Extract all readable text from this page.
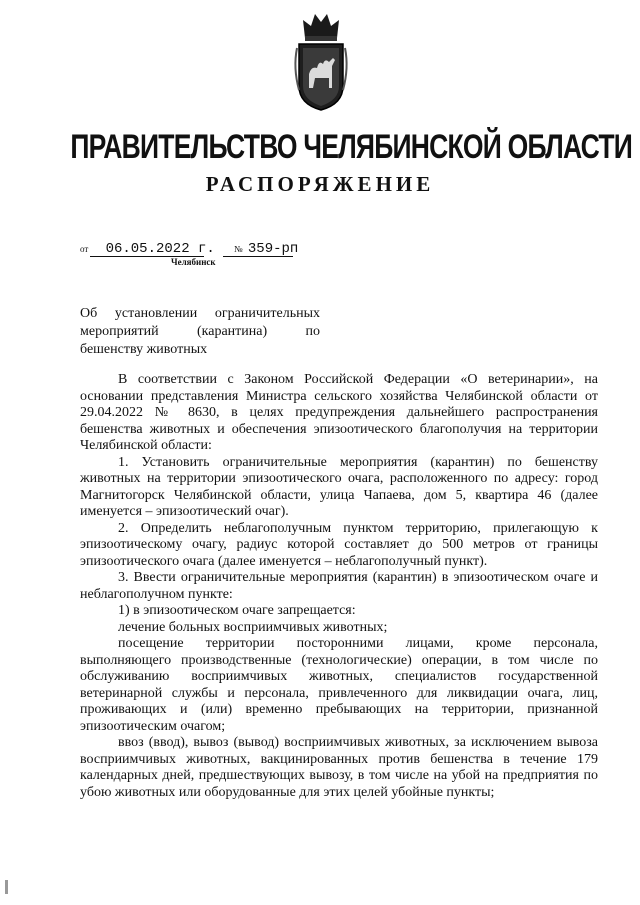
ПРАВИТЕЛЬСТВО ЧЕЛЯБИНСКОЙ ОБЛАСТИ
РАСПОРЯЖЕНИЕ
от 06.05.2022 г. № 359-рп
Челябинск
Об установлении ограничительных
мероприятий (карантина) по
бешенству животных

В соответствии с Законом Российской Федерации «О ветеринарии», на основании представления Министра сельского хозяйства Челябинской области от 29.04.2022 № 8630, в целях предупреждения дальнейшего распространения бешенства животных и обеспечения эпизоотического благополучия на территории Челябинской области:

1. Установить ограничительные мероприятия (карантин) по бешенству животных на территории эпизоотического очага, расположенного по адресу: город Магнитогорск Челябинской области, улица Чапаева, дом 5, квартира 46 (далее именуется – эпизоотический очаг).

2. Определить неблагополучным пунктом территорию, прилегающую к эпизоотическому очагу, радиус которой составляет до 500 метров от границы эпизоотического очага (далее именуется – неблагополучный пункт).

3. Ввести ограничительные мероприятия (карантин) в эпизоотическом очаге и неблагополучном пункте:

1) в эпизоотическом очаге запрещается:

лечение больных восприимчивых животных;

посещение территории посторонними лицами, кроме персонала, выполняющего производственные (технологические) операции, в том числе по обслуживанию восприимчивых животных, специалистов государственной ветеринарной службы и персонала, привлеченного для ликвидации очага, лиц, проживающих и (или) временно пребывающих на территории, признанной эпизоотическим очагом;

ввоз (ввод), вывоз (вывод) восприимчивых животных, за исключением вывоза восприимчивых животных, вакцинированных против бешенства в течение 179 календарных дней, предшествующих вывозу, в том числе на убой на предприятия по убою животных или оборудованные для этих целей убойные пункты;
